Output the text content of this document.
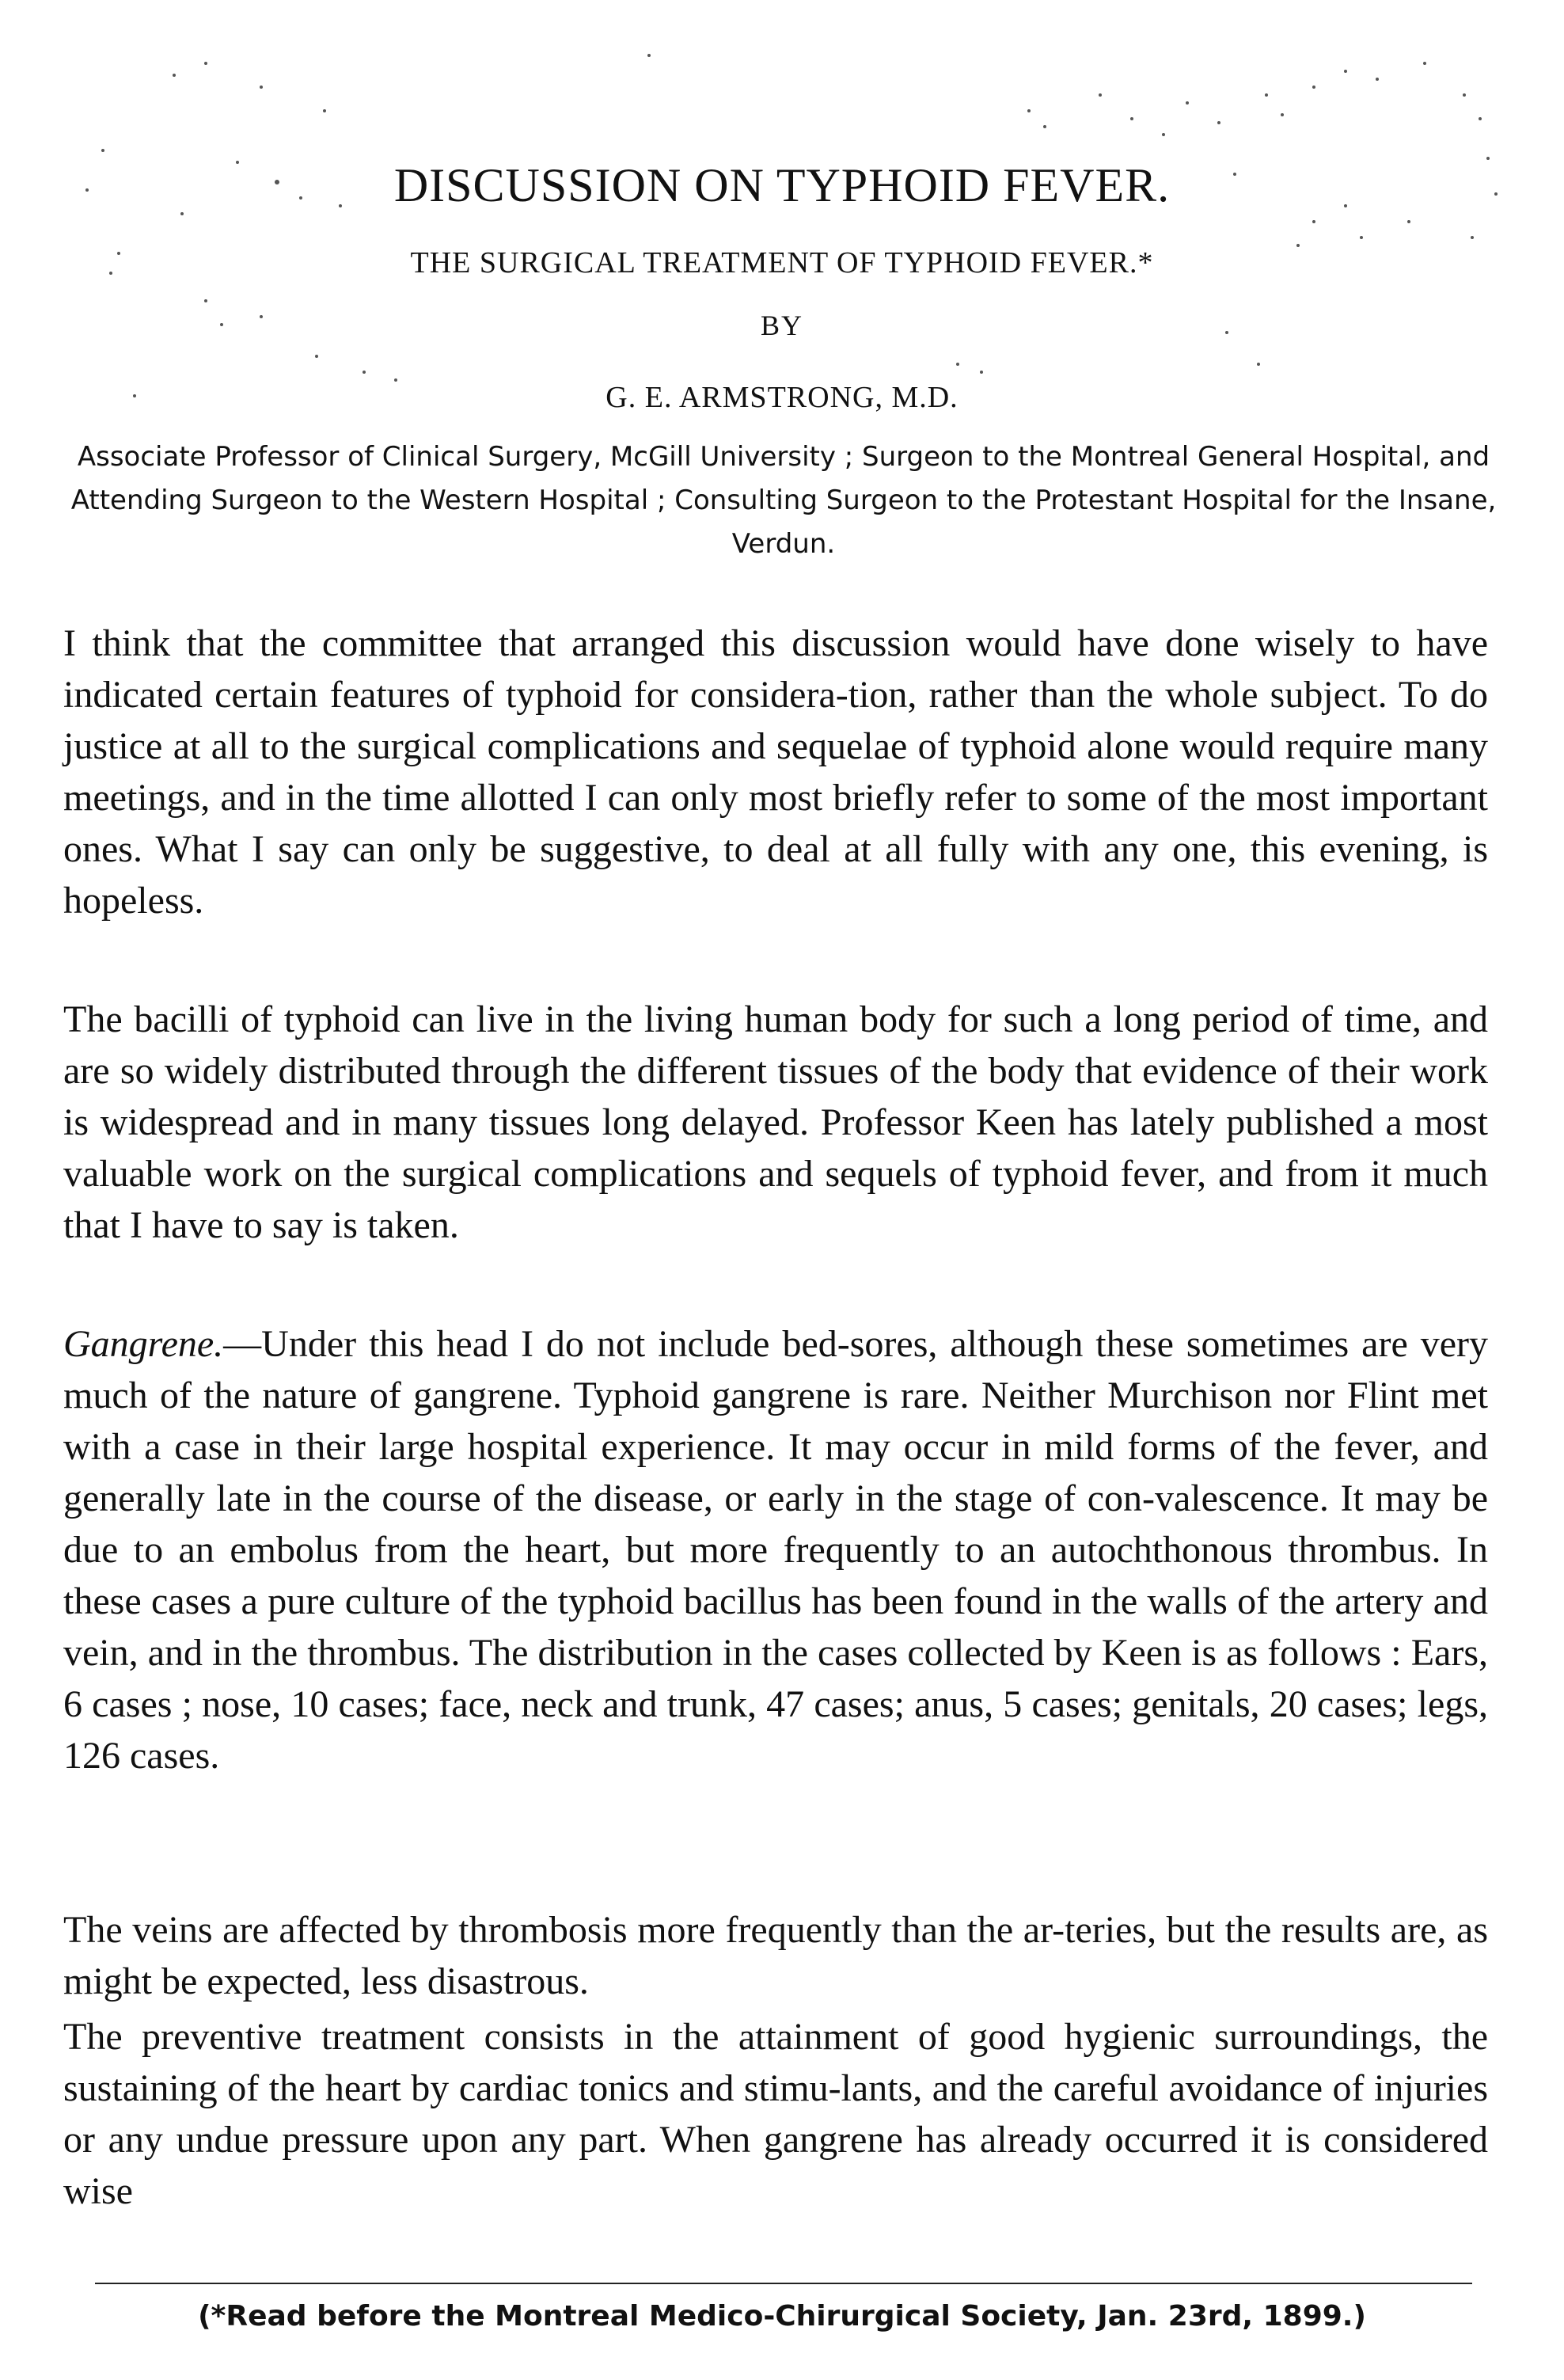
DISCUSSION ON TYPHOID FEVER.
THE SURGICAL TREATMENT OF TYPHOID FEVER.*
BY
G. E. ARMSTRONG, M.D.
Associate Professor of Clinical Surgery, McGill University ; Surgeon to the Montreal General Hospital, and Attending Surgeon to the Western Hospital ; Consulting Surgeon to the Protestant Hospital for the Insane, Verdun.
I think that the committee that arranged this discussion would have done wisely to have indicated certain features of typhoid for considera-tion, rather than the whole subject. To do justice at all to the surgical complications and sequelae of typhoid alone would require many meetings, and in the time allotted I can only most briefly refer to some of the most important ones. What I say can only be suggestive, to deal at all fully with any one, this evening, is hopeless.
The bacilli of typhoid can live in the living human body for such a long period of time, and are so widely distributed through the different tissues of the body that evidence of their work is widespread and in many tissues long delayed. Professor Keen has lately published a most valuable work on the surgical complications and sequels of typhoid fever, and from it much that I have to say is taken.
Gangrene.—Under this head I do not include bed-sores, although these sometimes are very much of the nature of gangrene. Typhoid gangrene is rare. Neither Murchison nor Flint met with a case in their large hospital experience. It may occur in mild forms of the fever, and generally late in the course of the disease, or early in the stage of con-valescence. It may be due to an embolus from the heart, but more frequently to an autochthonous thrombus. In these cases a pure culture of the typhoid bacillus has been found in the walls of the artery and vein, and in the thrombus. The distribution in the cases collected by Keen is as follows : Ears, 6 cases ; nose, 10 cases; face, neck and trunk, 47 cases; anus, 5 cases; genitals, 20 cases; legs, 126 cases.
The veins are affected by thrombosis more frequently than the ar-teries, but the results are, as might be expected, less disastrous.
The preventive treatment consists in the attainment of good hygienic surroundings, the sustaining of the heart by cardiac tonics and stimu-lants, and the careful avoidance of injuries or any undue pressure upon any part. When gangrene has already occurred it is considered wise
(*Read before the Montreal Medico-Chirurgical Society, Jan. 23rd, 1899.)
